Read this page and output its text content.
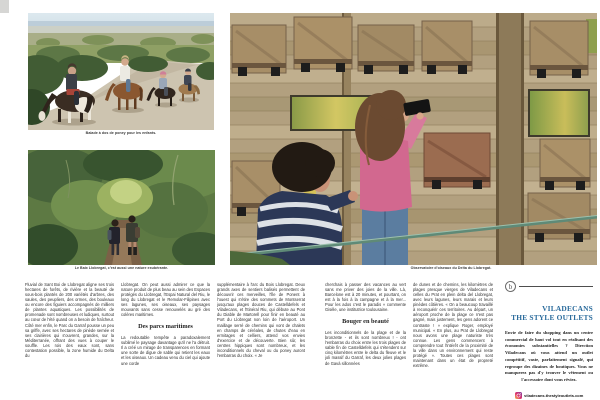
Balade à dos de poney pour les enfants.
Le Baix Llobregat, c'est aussi une nature exubérante.

Fluvial de Sant Boi de Llobregat aligne ses trois hectares de forêts, de rivière et la beauté de sous-bois plantés de 200 variétés d'arbres, des saules, des peupliers, des ormes, des bouleaux ou encore des figuiers accompagnés de milliers de plantes aquatiques. Les possibilités de promenade sont nombreuses et ludiques, surtout au cœur de l'été quand on a besoin de fraîcheur. Côté mer enfin, le Parc du Garraf pousse un peu sa griffe, avec ses hectares de pinède semée et ses clairières qui s'ouvrent, grandes, sur la Méditerranée, offrant des vues à couper le souffle. Les rois des eaux sont, sans contestation possible, la zone humide du Delta du

Llobregat. On peut aussi admirer ce que la nature produit de plus beau au sein des Espaces protégés du Llobregat, l'Espai Natural del Riu, le long du Llobregat et le Remolar-Filipines avec ses lagunes, ses oiseaux, ses paysages mouvants sans cesse renouvelés au gré des colères maritimes.

Des parcs maritimes

La redoutable tempête a paradoxalement sublimé le paysage davantage qu'il ne l'a détruit. Il a créé un mirage de transparences en formant une sorte de digue de sable qui retient les eaux et les oiseaux. Un cadeau venu du ciel qui ajoute une corde

supplémentaire à l'arc du Bois Llobregat. Deux grands axes de sentiers balisés permettent de découvrir ces merveilles, l'Île de Ponent à l'ouest qui s'étire des sommets de Montserrat jusqu'aux plages douces de Castelldefels et Viladecans, et l'Itinéral Riu, qui débute au Pont du Diable de Martorell pour finir en beauté au Port du Llobregat non loin de l'aéroport. Un maillage serré de chemins qui vont de chalets en champs de céréales, de chutes d'eau en ermitages et celliers, attend vos envies d'exercice et de découverte. Bien sûr, les centres hippiques sont nombreux, et les inconditionnels du cheval ou du poney auront l'embarras du choix. « Je

Observatoire d'oiseaux du Delta du Llobregat.

cherchais à passer des vacances au vert sans me priver des joies de la ville. Là, Barcelone est à 20 minutes, et pourtant, on est à la fois à la campagne et à la mer... Pour les ados c'est le paradis » commente Gisèle, une institutrice toulousaine.

Bouger en beauté

Les inconditionnels de la plage et de la bronzette - et ils sont nombreux ! - ont l'embarras du choix entre les trois plages de sable fin de Castelldefels qui s'étendent sur cinq kilomètres entre le delta du fleuve et le joli massif du Garraf, les deux jolies plages de Gavà sillonnées

de dunes et de chemins, les kilomètres de plages presque vierges de Viladecans et celles du Prat en plein delta del Llobregat, avec leurs lagunes, leurs marais et leurs pinèdes côtières. « On a beaucoup travaillé à reconquérir ces territoires. Au départ, un aéroport proche de la plage ce n'est pas gagné, mais justement, les gens adorent ce contraste ! » explique Roger, employé municipal. « En plus, au Prat de Llobregat nous avons une plage naturiste très connue. Les gens commencent à comprendre tout l'intérêt de la proximité de la ville dans un environnement qui reste protégé ». Toutes ces plages sont maintenant dans un état de propreté extrême.

b
VILADECANS
THE STYLE OUTLETS

Envie de faire du shopping dans un centre commercial de haut vol tout en réalisant des économies substantielles ? Direction Viladecans où vous attend un outlet compétitif, vaste, parfaitement signalé, qui regroupe des dizaines de boutiques. Vous ne manquerez pas d'y trouver le vêtement ou l'accessoire dont vous rêviez.

viladecans.thestyleoutlets.com
